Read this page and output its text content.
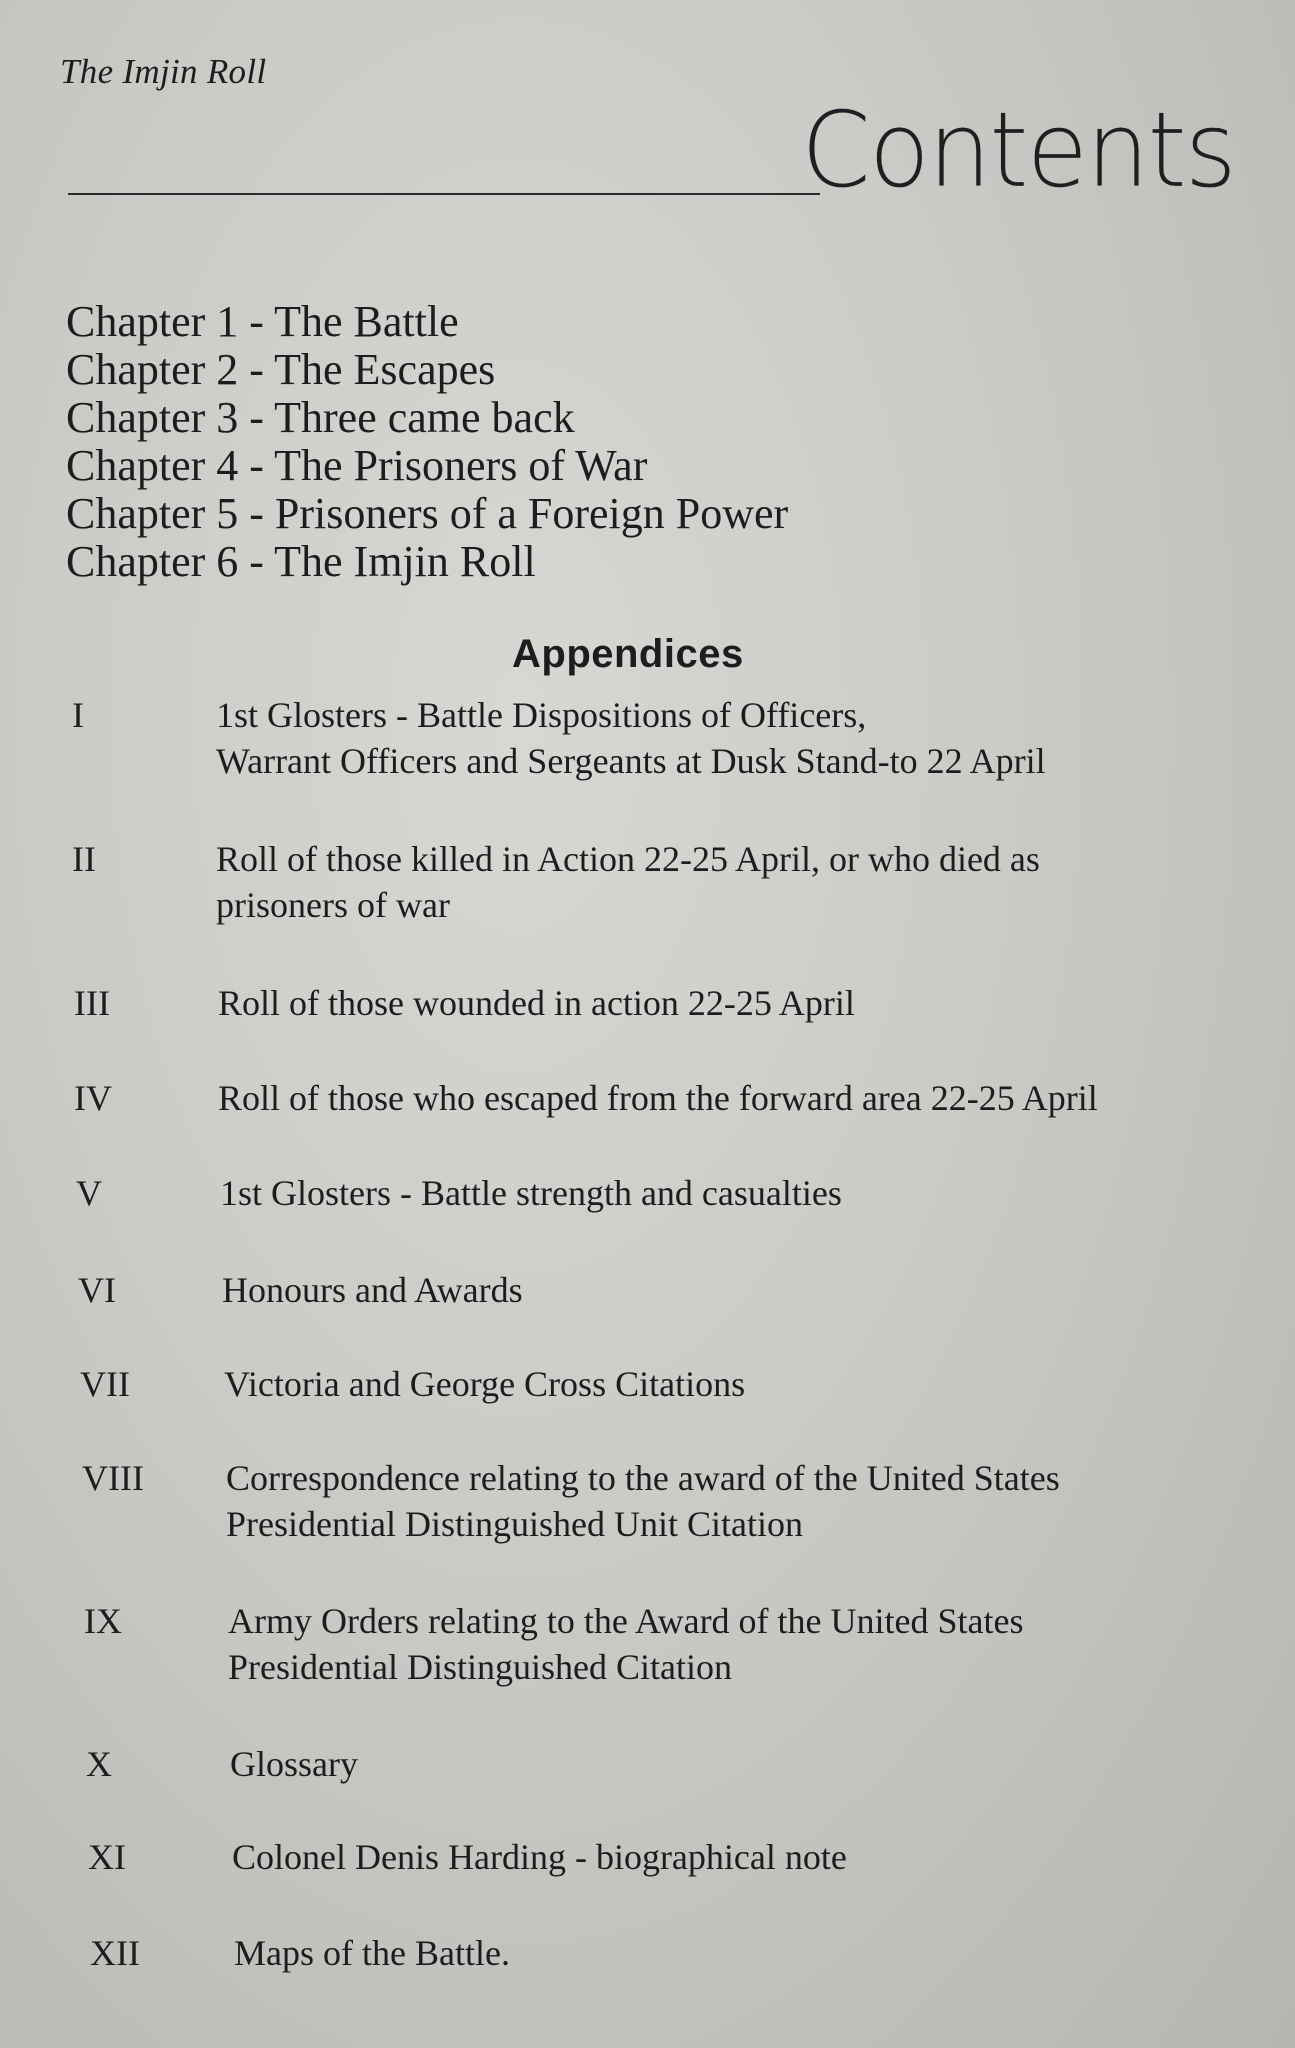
The Imjin Roll
Contents
Chapter 1 - The Battle
Chapter 2 - The Escapes
Chapter 3 - Three came back
Chapter 4 - The Prisoners of War
Chapter 5 - Prisoners of a Foreign Power
Chapter 6 - The Imjin Roll
Appendices
I	1st Glosters - Battle Dispositions of Officers,
Warrant Officers and Sergeants at Dusk Stand-to 22 April
II	Roll of those killed in Action 22-25 April, or who died as
prisoners of war
III	Roll of those wounded in action 22-25 April
IV	Roll of those who escaped from the forward area 22-25 April
V	1st Glosters - Battle strength and casualties
VI	Honours and Awards
VII	Victoria and George Cross Citations
VIII Correspondence relating to the award of the United States
Presidential Distinguished Unit Citation
IX	Army Orders relating to the Award of the United States
Presidential Distinguished Citation
X	Glossary
XI	Colonel Denis Harding - biographical note
XII	Maps of the Battle.
